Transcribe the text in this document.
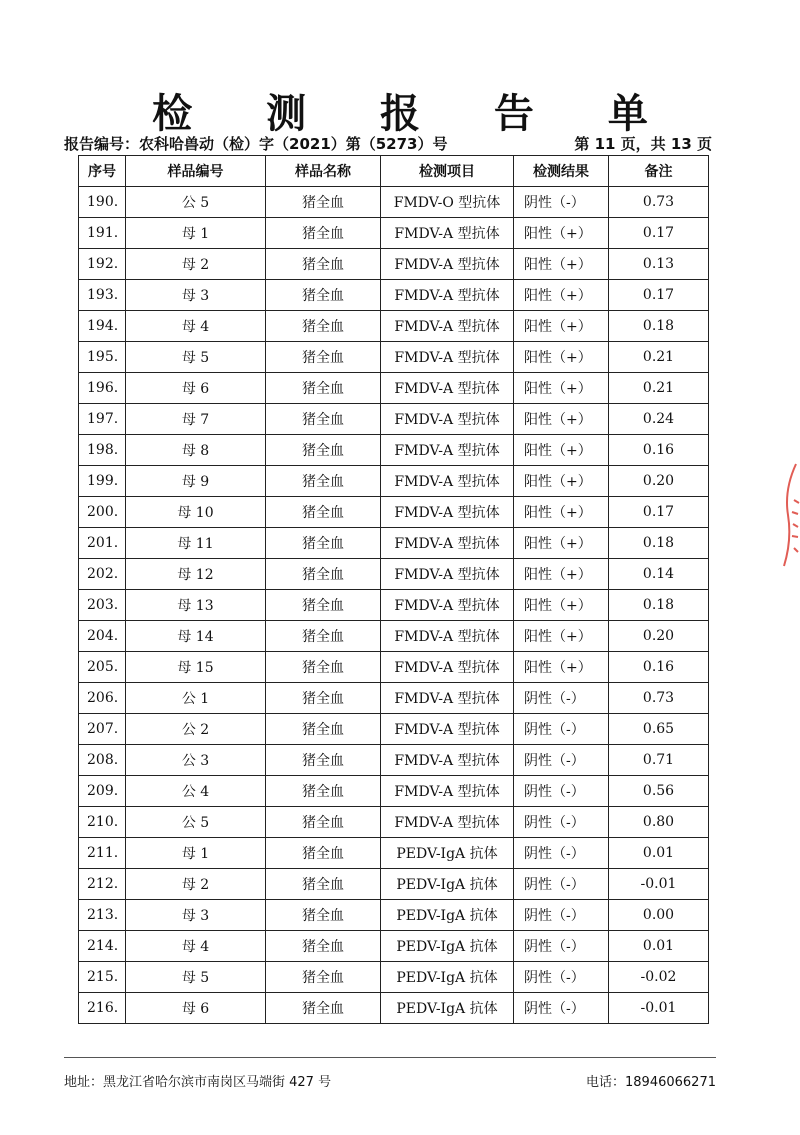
检 测 报 告 单
报告编号：农科哈兽动（检）字（2021）第（5273）号	第 11 页，共 13 页
序号	样品编号	样品名称	检测项目	检测结果	备注
190.	公 5	猪全血	FMDV-O 型抗体	阴性（-）	0.73
191.	母 1	猪全血	FMDV-A 型抗体	阳性（+）	0.17
192.	母 2	猪全血	FMDV-A 型抗体	阳性（+）	0.13
193.	母 3	猪全血	FMDV-A 型抗体	阳性（+）	0.17
194.	母 4	猪全血	FMDV-A 型抗体	阳性（+）	0.18
195.	母 5	猪全血	FMDV-A 型抗体	阳性（+）	0.21
196.	母 6	猪全血	FMDV-A 型抗体	阳性（+）	0.21
197.	母 7	猪全血	FMDV-A 型抗体	阳性（+）	0.24
198.	母 8	猪全血	FMDV-A 型抗体	阳性（+）	0.16
199.	母 9	猪全血	FMDV-A 型抗体	阳性（+）	0.20
200.	母 10	猪全血	FMDV-A 型抗体	阳性（+）	0.17
201.	母 11	猪全血	FMDV-A 型抗体	阳性（+）	0.18
202.	母 12	猪全血	FMDV-A 型抗体	阳性（+）	0.14
203.	母 13	猪全血	FMDV-A 型抗体	阳性（+）	0.18
204.	母 14	猪全血	FMDV-A 型抗体	阳性（+）	0.20
205.	母 15	猪全血	FMDV-A 型抗体	阳性（+）	0.16
206.	公 1	猪全血	FMDV-A 型抗体	阴性（-）	0.73
207.	公 2	猪全血	FMDV-A 型抗体	阴性（-）	0.65
208.	公 3	猪全血	FMDV-A 型抗体	阴性（-）	0.71
209.	公 4	猪全血	FMDV-A 型抗体	阴性（-）	0.56
210.	公 5	猪全血	FMDV-A 型抗体	阴性（-）	0.80
211.	母 1	猪全血	PEDV-IgA 抗体	阴性（-）	0.01
212.	母 2	猪全血	PEDV-IgA 抗体	阴性（-）	-0.01
213.	母 3	猪全血	PEDV-IgA 抗体	阴性（-）	0.00
214.	母 4	猪全血	PEDV-IgA 抗体	阴性（-）	0.01
215.	母 5	猪全血	PEDV-IgA 抗体	阴性（-）	-0.02
216.	母 6	猪全血	PEDV-IgA 抗体	阴性（-）	-0.01
地址：黑龙江省哈尔滨市南岗区马端街 427 号	电话：18946066271
